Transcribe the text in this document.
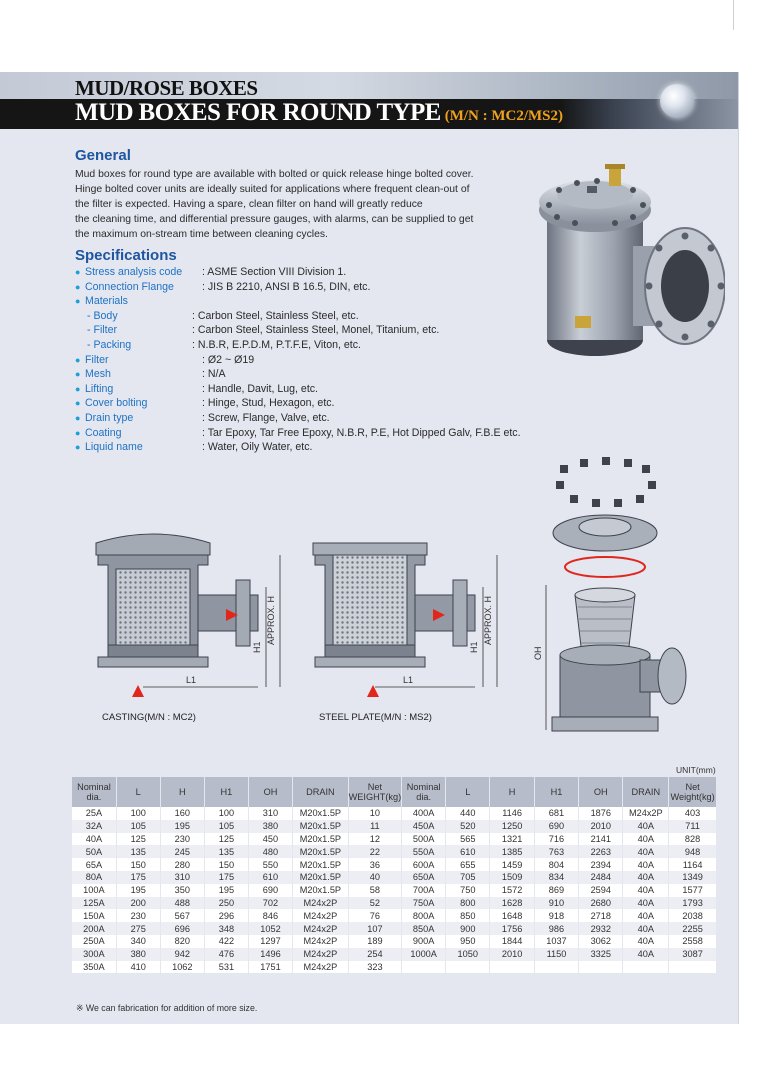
MUD/ROSE BOXES
MUD BOXES FOR ROUND TYPE (M/N : MC2/MS2)
General
Mud boxes for round type are available with bolted or quick release hinge bolted cover.
Hinge bolted cover units are ideally suited for applications where frequent clean-out of
the filter is expected. Having a spare, clean filter on hand will greatly reduce
the cleaning time, and differential pressure gauges, with alarms, can be supplied to get
the maximum on-stream time between cleaning cycles.
Specifications
● Stress analysis code : ASME Section VIII Division 1.
● Connection Flange	: JIS B 2210, ANSI B 16.5, DIN, etc.
● Materials
- Body	: Carbon Steel, Stainless Steel, etc.
- Filter	: Carbon Steel, Stainless Steel, Monel, Titanium, etc.
- Packing	: N.B.R, E.P.D.M, P.T.F.E, Viton, etc.
● Filter	: Ø2 ~ Ø19
● Mesh	: N/A
● Lifting	: Handle, Davit, Lug, etc.
● Cover bolting	: Hinge, Stud, Hexagon, etc.
● Drain type	: Screw, Flange, Valve, etc.
● Coating	: Tar Epoxy, Tar Free Epoxy, N.B.R, P.E, Hot Dipped Galv, F.B.E etc.
● Liquid name	: Water, Oily Water, etc.
L1
H1
APPROX. H
CASTING(M/N : MC2)
L1
H1
APPROX. H
STEEL PLATE(M/N : MS2)
OH
UNIT(mm)
Nominal dia.	L	H	H1	OH	DRAIN	Net WEIGHT(kg)	Nominal dia.	L	H	H1	OH	DRAIN	Net Weight(kg)
25A	100	160	100	310	M20x1.5P	10	400A	440	1146	681	1876	M24x2P	403
32A	105	195	105	380	M20x1.5P	11	450A	520	1250	690	2010	40A	711
40A	125	230	125	450	M20x1.5P	12	500A	565	1321	716	2141	40A	828
50A	135	245	135	480	M20x1.5P	22	550A	610	1385	763	2263	40A	948
65A	150	280	150	550	M20x1.5P	36	600A	655	1459	804	2394	40A	1164
80A	175	310	175	610	M20x1.5P	40	650A	705	1509	834	2484	40A	1349
100A	195	350	195	690	M20x1.5P	58	700A	750	1572	869	2594	40A	1577
125A	200	488	250	702	M24x2P	52	750A	800	1628	910	2680	40A	1793
150A	230	567	296	846	M24x2P	76	800A	850	1648	918	2718	40A	2038
200A	275	696	348	1052	M24x2P	107	850A	900	1756	986	2932	40A	2255
250A	340	820	422	1297	M24x2P	189	900A	950	1844	1037	3062	40A	2558
300A	380	942	476	1496	M24x2P	254	1000A	1050	2010	1150	3325	40A	3087
350A	410	1062	531	1751	M24x2P	323							
※ We can fabrication for addition of more size.
